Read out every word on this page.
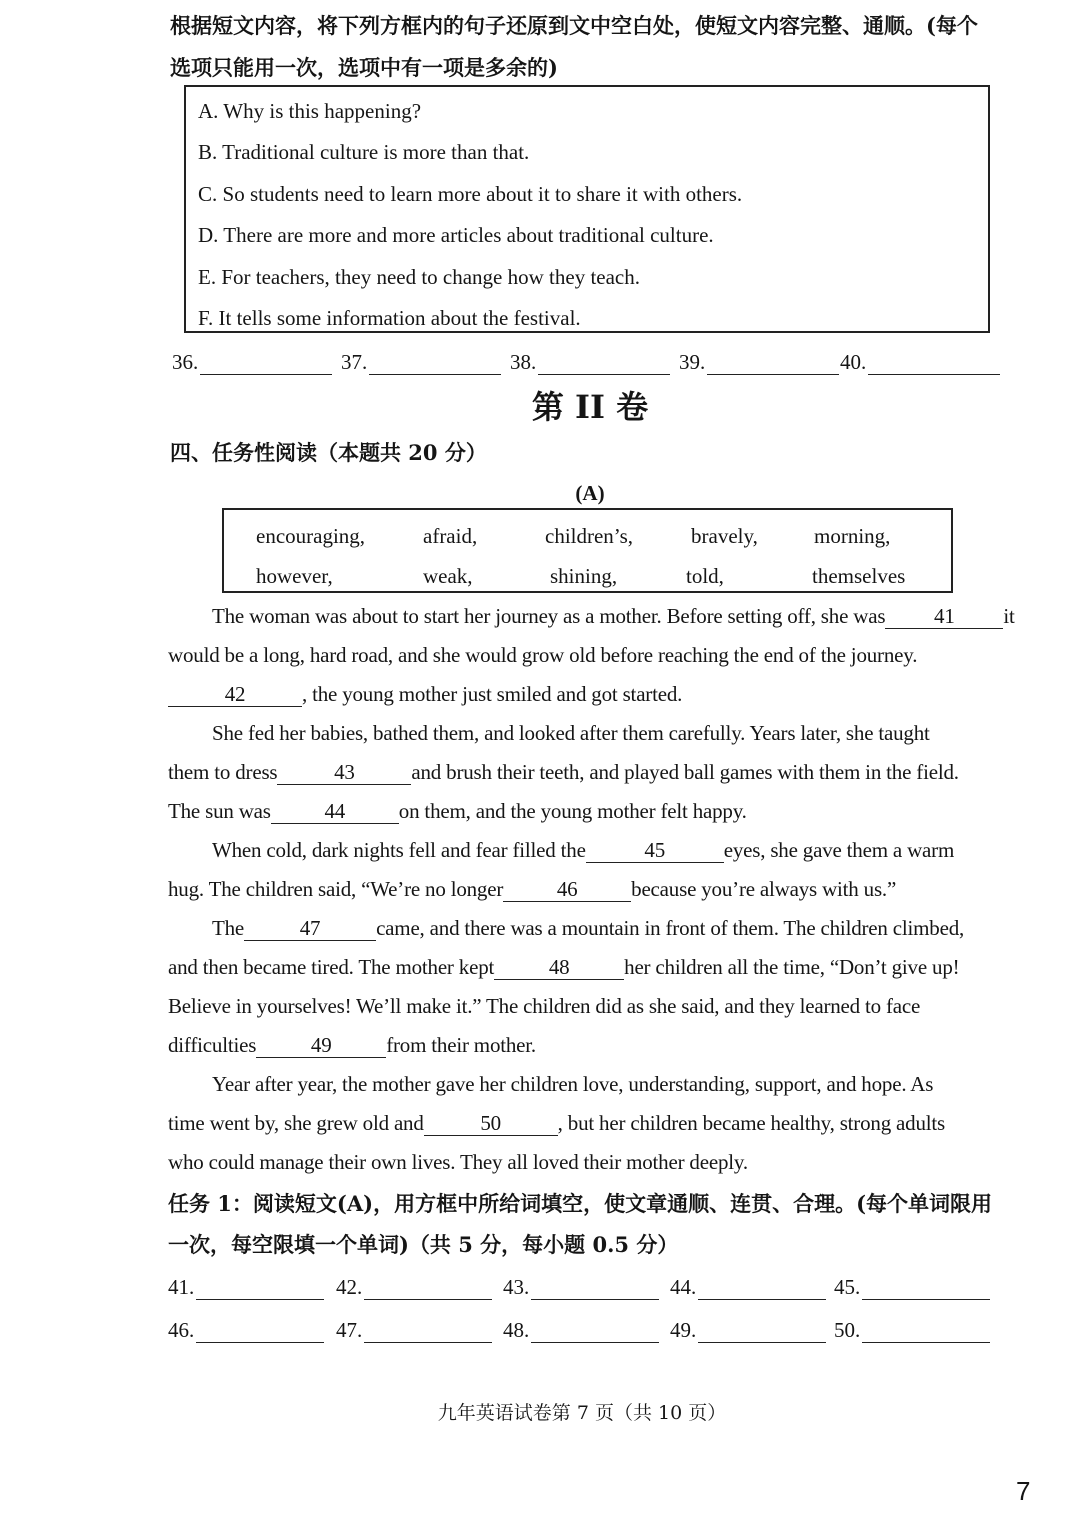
根据短文内容，将下列方框内的句子还原到文中空白处，使短文内容完整、通顺。(每个
选项只能用一次，选项中有一项是多余的)
A. Why is this happening?
B. Traditional culture is more than that.
C. So students need to learn more about it to share it with others.
D. There are more and more articles about traditional culture.
E. For teachers, they need to change how they teach.
F. It tells some information about the festival.
36.	37.	38.	39.	40.
第 II 卷
四、任务性阅读（本题共 20 分）
(A)
encouraging,	afraid,	children’s,	bravely,	morning,
however,	weak,	shining,	told,	themselves
The woman was about to start her journey as a mother. Before setting off, she was 41 it
would be a long, hard road, and she would grow old before reaching the end of the journey.
42	, the young mother just smiled and got started.
She fed her babies, bathed them, and looked after them carefully. Years later, she taught
them to dress	43	and brush their teeth, and played ball games with them in the field.
The sun was	44	on them, and the young mother felt happy.
When cold, dark nights fell and fear filled the	45	eyes, she gave them a warm
hug. The children said, “We’re no longer	46	because you’re always with us.”
The	47	came, and there was a mountain in front of them. The children climbed,
and then became tired. The mother kept	48	her children all the time, “Don’t give up!
Believe in yourselves! We’ll make it.” The children did as she said, and they learned to face
difficulties	49	from their mother.
Year after year, the mother gave her children love, understanding, support, and hope. As
time went by, she grew old and	50	, but her children became healthy, strong adults
who could manage their own lives. They all loved their mother deeply.
任务 1：阅读短文(A)，用方框中所给词填空，使文章通顺、连贯、合理。(每个单词限用
一次，每空限填一个单词)（共 5 分，每小题 0.5 分）
41.	42.	43.	44.	45.
46.	47.	48.	49.	50.
九年英语试卷第 7 页（共 10 页）
7
